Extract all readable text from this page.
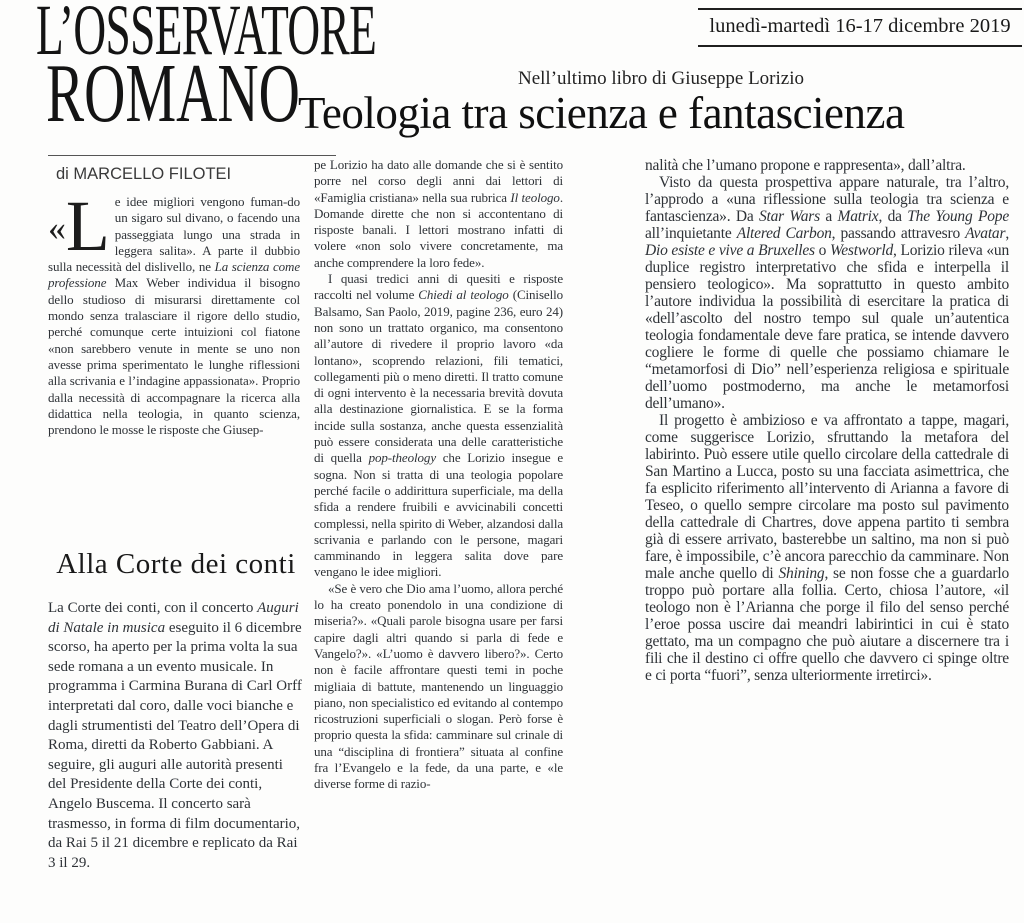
L’OSSERVATORE
ROMANO
lunedì-martedì 16-17 dicembre 2019
Nell’ultimo libro di Giuseppe Lorizio
Teologia tra scienza e fantascienza
di MARCELLO FILOTEI

« L e idee migliori vengono fuman-do un sigaro sul divano, o facendo una passeggiata lungo una strada in leggera salita». A parte il dubbio sulla necessità del dislivello, ne La scienza come professione Max Weber individua il bisogno dello studioso di misurarsi direttamente col mondo senza tralasciare il rigore dello studio, perché comunque certe intuizioni col fiatone «non sarebbero venute in mente se uno non avesse prima sperimentato le lunghe riflessioni alla scrivania e l’indagine appassionata». Proprio dalla necessità di accompagnare la ricerca alla didattica nella teologia, in quanto scienza, prendono le mosse le risposte che Giusep-

Alla Corte dei conti

La Corte dei conti, con il concerto Auguri di Natale in musica eseguito il 6 dicembre scorso, ha aperto per la prima volta la sua sede romana a un evento musicale. In programma i Carmina Burana di Carl Orff interpretati dal coro, dalle voci bianche e dagli strumentisti del Teatro dell’Opera di Roma, diretti da Roberto Gabbiani. A seguire, gli auguri alle autorità presenti del Presidente della Corte dei conti, Angelo Buscema. Il concerto sarà trasmesso, in forma di film documentario, da Rai 5 il 21 dicembre e replicato da Rai 3 il 29.

pe Lorizio ha dato alle domande che si è sentito porre nel corso degli anni dai lettori di «Famiglia cristiana» nella sua rubrica Il teologo. Domande dirette che non si accontentano di risposte banali. I lettori mostrano infatti di volere «non solo vivere concretamente, ma anche comprendere la loro fede».

I quasi tredici anni di quesiti e risposte raccolti nel volume Chiedi al teologo (Cinisello Balsamo, San Paolo, 2019, pagine 236, euro 24) non sono un trattato organico, ma consentono all’autore di rivedere il proprio lavoro «da lontano», scoprendo relazioni, fili tematici, collegamenti più o meno diretti. Il tratto comune di ogni intervento è la necessaria brevità dovuta alla destinazione giornalistica. E se la forma incide sulla sostanza, anche questa essenzialità può essere considerata una delle caratteristiche di quella pop-theology che Lorizio insegue e sogna. Non si tratta di una teologia popolare perché facile o addirittura superficiale, ma della sfida a rendere fruibili e avvicinabili concetti complessi, nella spirito di Weber, alzandosi dalla scrivania e parlando con le persone, magari camminando in leggera salita dove pare vengano le idee migliori.

«Se è vero che Dio ama l’uomo, allora perché lo ha creato ponendolo in una condizione di miseria?». «Quali parole bisogna usare per farsi capire dagli altri quando si parla di fede e Vangelo?». «L’uomo è davvero libero?». Certo non è facile affrontare questi temi in poche migliaia di battute, mantenendo un linguaggio piano, non specialistico ed evitando al contempo ricostruzioni superficiali o slogan. Però forse è proprio questa la sfida: camminare sul crinale di una “disciplina di frontiera” situata al confine fra l’Evangelo e la fede, da una parte, e «le diverse forme di razio-

nalità che l’umano propone e rappresenta», dall’altra.

Visto da questa prospettiva appare naturale, tra l’altro, l’approdo a «una riflessione sulla teologia tra scienza e fantascienza». Da Star Wars a Matrix, da The Young Pope all’inquietante Altered Carbon, passando attravesro Avatar, Dio esiste e vive a Bruxelles o Westworld, Lorizio rileva «un duplice registro interpretativo che sfida e interpella il pensiero teologico». Ma soprattutto in questo ambito l’autore individua la possibilità di esercitare la pratica di «dell’ascolto del nostro tempo sul quale un’autentica teologia fondamentale deve fare pratica, se intende davvero cogliere le forme di quelle che possiamo chiamare le “metamorfosi di Dio” nell’esperienza religiosa e spirituale dell’uomo postmoderno, ma anche le metamorfosi dell’umano».

Il progetto è ambizioso e va affrontato a tappe, magari, come suggerisce Lorizio, sfruttando la metafora del labirinto. Può essere utile quello circolare della cattedrale di San Martino a Lucca, posto su una facciata asimettrica, che fa esplicito riferimento all’intervento di Arianna a favore di Teseo, o quello sempre circolare ma posto sul pavimento della cattedrale di Chartres, dove appena partito ti sembra già di essere arrivato, basterebbe un saltino, ma non si può fare, è impossibile, c’è ancora parecchio da camminare. Non male anche quello di Shining, se non fosse che a guardarlo troppo può portare alla follia. Certo, chiosa l’autore, «il teologo non è l’Arianna che porge il filo del senso perché l’eroe possa uscire dai meandri labirintici in cui è stato gettato, ma un compagno che può aiutare a discernere tra i fili che il destino ci offre quello che davvero ci spinge oltre e ci porta “fuori”, senza ulteriormente irretirci».
